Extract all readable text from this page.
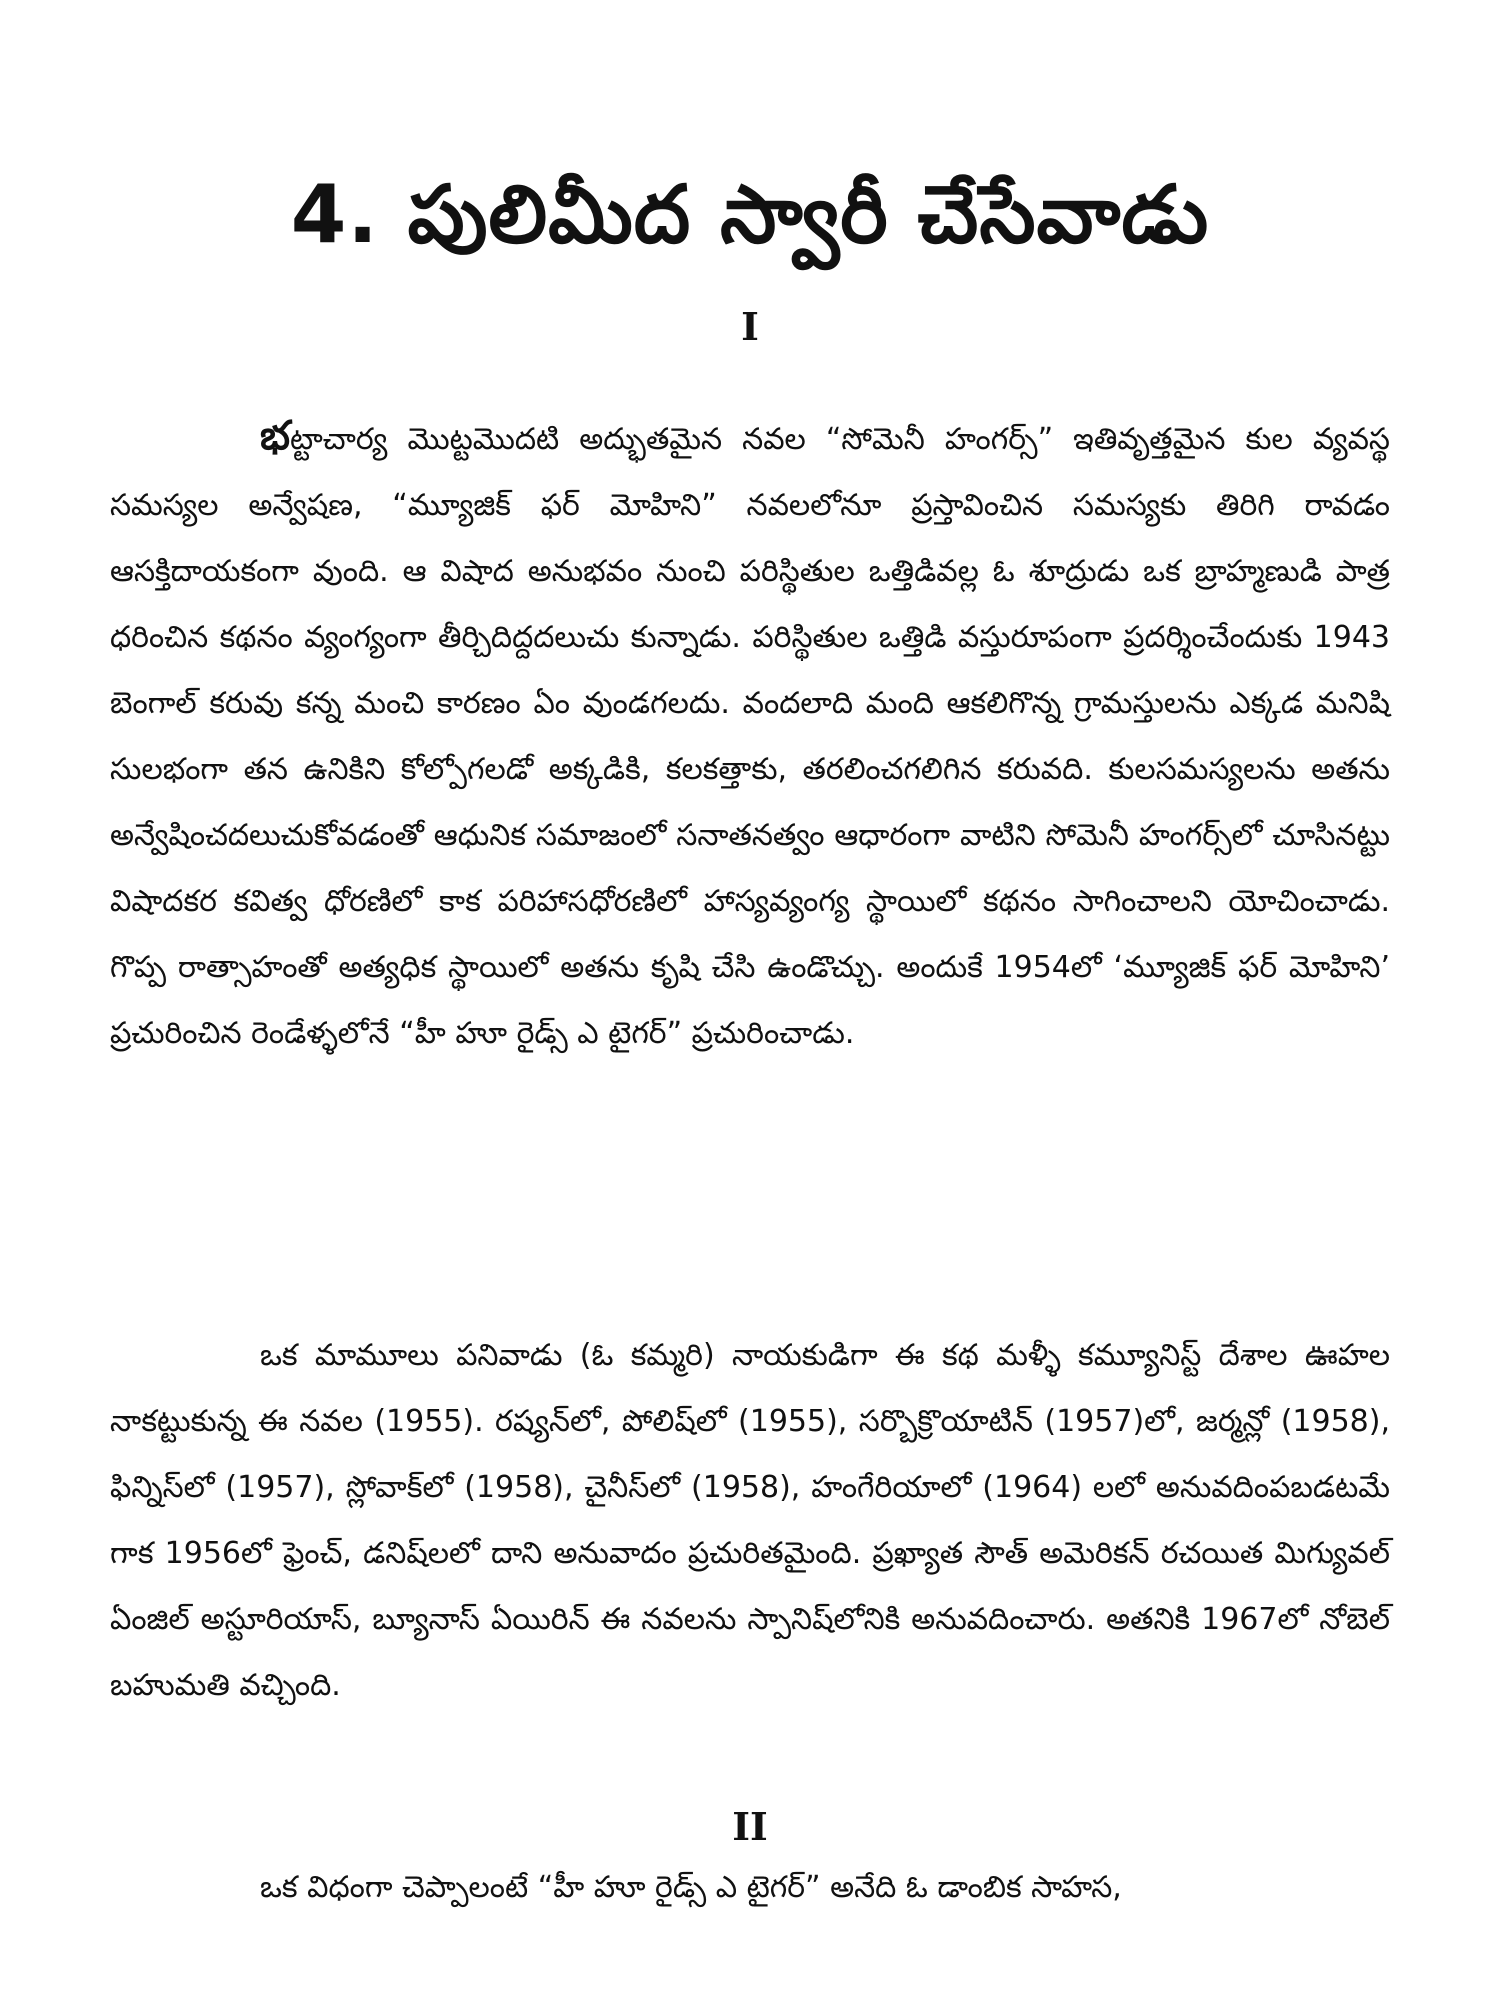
4. పులిమీద స్వారీ చేసేవాడు
I

భట్టాచార్య మొట్టమొదటి అద్భుతమైన నవల “సోమెనీ హంగర్స్” ఇతివృత్తమైన కుల వ్యవస్థ సమస్యల అన్వేషణ, “మ్యూజిక్ ఫర్ మోహిని” నవలలోనూ ప్రస్తావించిన సమస్యకు తిరిగి రావడం ఆసక్తిదాయకంగా వుంది. ఆ విషాద అనుభవం నుంచి పరిస్థితుల ఒత్తిడివల్ల ఓ శూద్రుడు ఒక బ్రాహ్మణుడి పాత్ర ధరించిన కథనం వ్యంగ్యంగా తీర్చిదిద్దదలుచు కున్నాడు. పరిస్థితుల ఒత్తిడి వస్తురూపంగా ప్రదర్శించేందుకు 1943 బెంగాల్ కరువు కన్న మంచి కారణం ఏం వుండగలదు. వందలాది మంది ఆకలిగొన్న గ్రామస్తులను ఎక్కడ మనిషి సులభంగా తన ఉనికిని కోల్పోగలడో అక్కడికి, కలకత్తాకు, తరలించగలిగిన కరువది. కులసమస్యలను అతను అన్వేషించదలుచుకోవడంతో ఆధునిక సమాజంలో సనాతనత్వం ఆధారంగా వాటిని సోమెనీ హంగర్స్‌లో చూసినట్టు విషాదకర కవిత్వ ధోరణిలో కాక పరిహాసధోరణిలో హాస్యవ్యంగ్య స్థాయిలో కథనం సాగించాలని యోచించాడు. గొప్ప రాత్సాహంతో అత్యధిక స్థాయిలో అతను కృషి చేసి ఉండొచ్చు. అందుకే 1954లో ‘మ్యూజిక్ ఫర్ మోహిని’ ప్రచురించిన రెండేళ్ళలోనే “హీ హూ రైడ్స్ ఎ టైగర్” ప్రచురించాడు.

ఒక మామూలు పనివాడు (ఓ కమ్మరి) నాయకుడిగా ఈ కథ మళ్ళీ కమ్యూనిస్ట్ దేశాల ఊహల నాకట్టుకున్న ఈ నవల (1955). రష్యన్‌లో, పోలిష్‌లో (1955), సర్బొక్రొయాటిన్ (1957)లో, జర్మన్లో (1958), ఫిన్నిస్‌లో (1957), స్లోవాక్‌లో (1958), చైనీస్‌లో (1958), హంగేరియాలో (1964) లలో అనువదింపబడటమే గాక 1956లో ఫ్రెంచ్, డనిష్‌లలో దాని అనువాదం ప్రచురితమైంది. ప్రఖ్యాత సౌత్ అమెరికన్ రచయిత మిగ్యువల్ ఏంజిల్ అస్టూరియాస్, బ్యూనాస్ ఏయిరిన్ ఈ నవలను స్పానిష్‌లోనికి అనువదించారు. అతనికి 1967లో నోబెల్ బహుమతి వచ్చింది.

II

ఒక విధంగా చెప్పాలంటే “హీ హూ రైడ్స్ ఎ టైగర్” అనేది ఓ డాంబిక సాహస,
